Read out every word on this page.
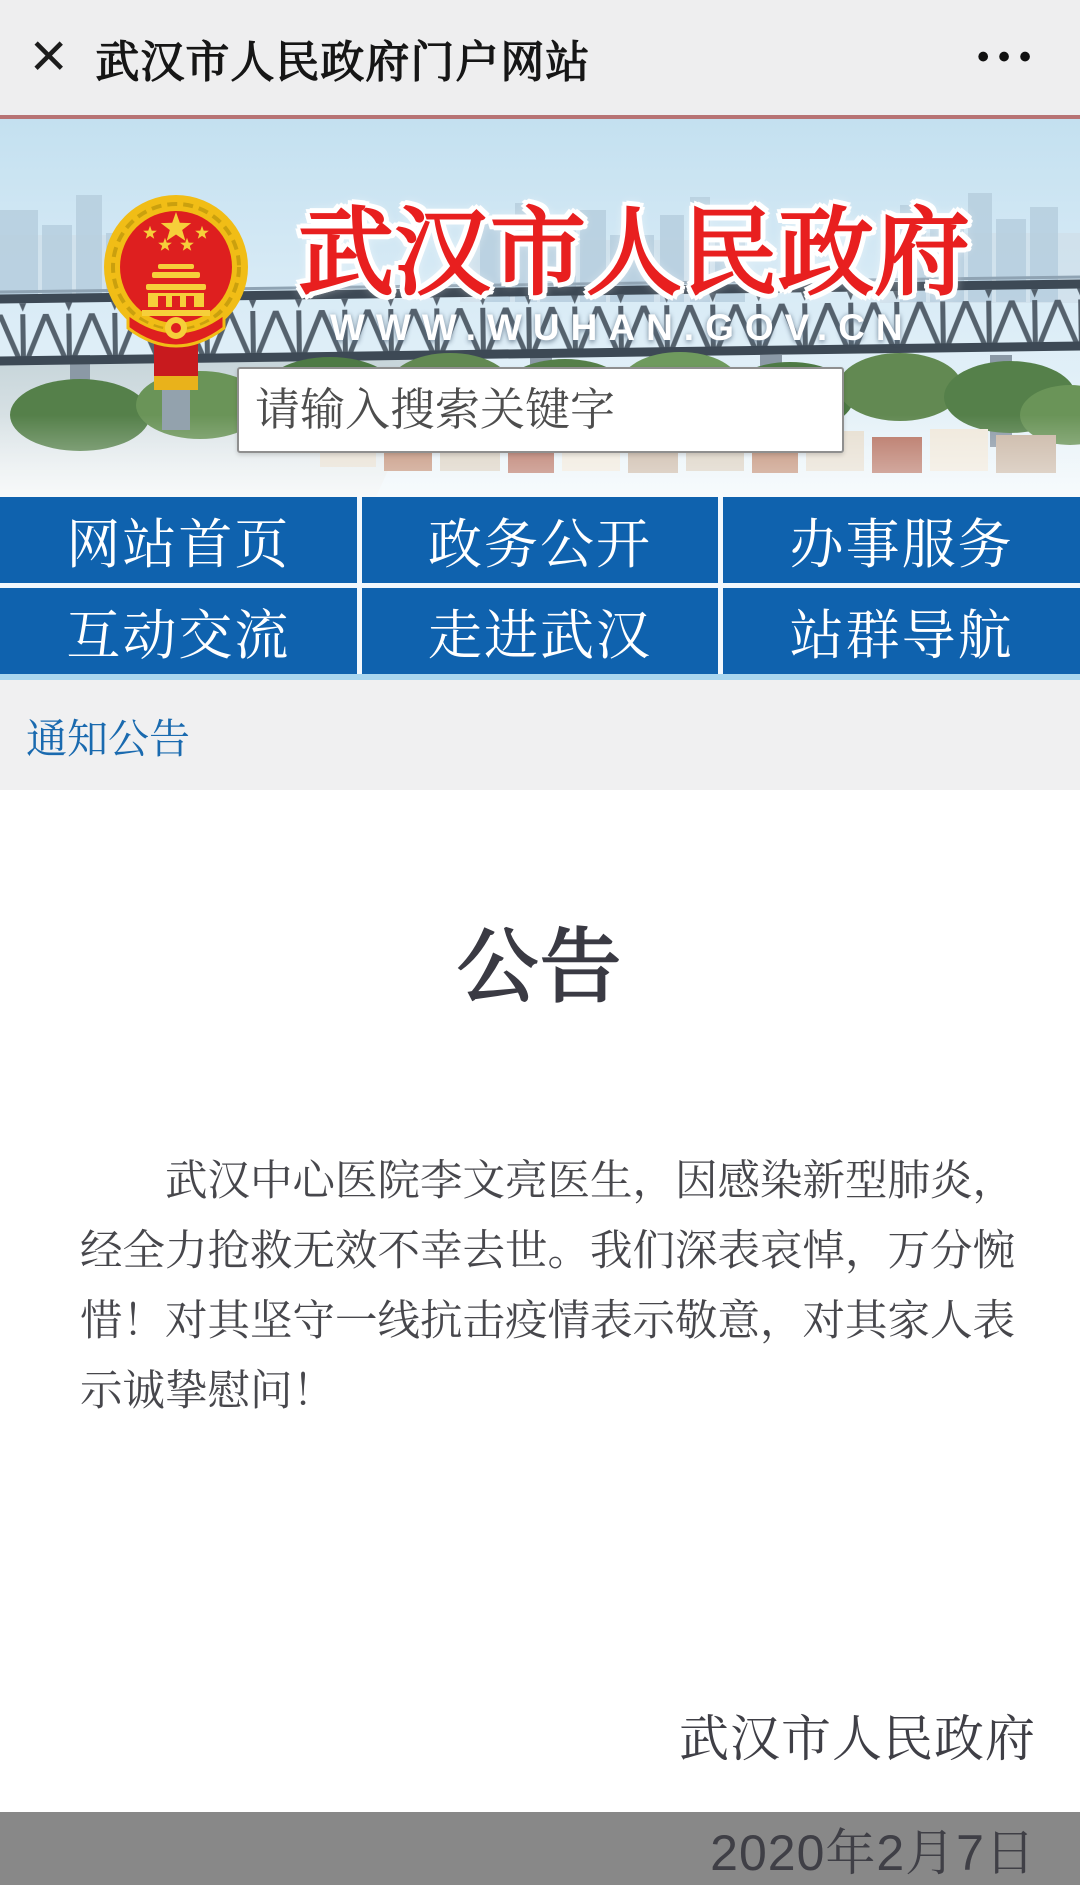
× 武汉市人民政府门户网站	•••
武汉市人民政府
WWW.WUHAN.GOV.CN
请输入搜索关键字
网站首页	政务公开	办事服务
互动交流	走进武汉	站群导航
通知公告
公告
武汉中心医院李文亮医生，因感染新型肺炎，
经全力抢救无效不幸去世。我们深表哀悼，万分惋
惜！对其坚守一线抗击疫情表示敬意，对其家人表
示诚挚慰问！
武汉市人民政府
2020年2月7日
